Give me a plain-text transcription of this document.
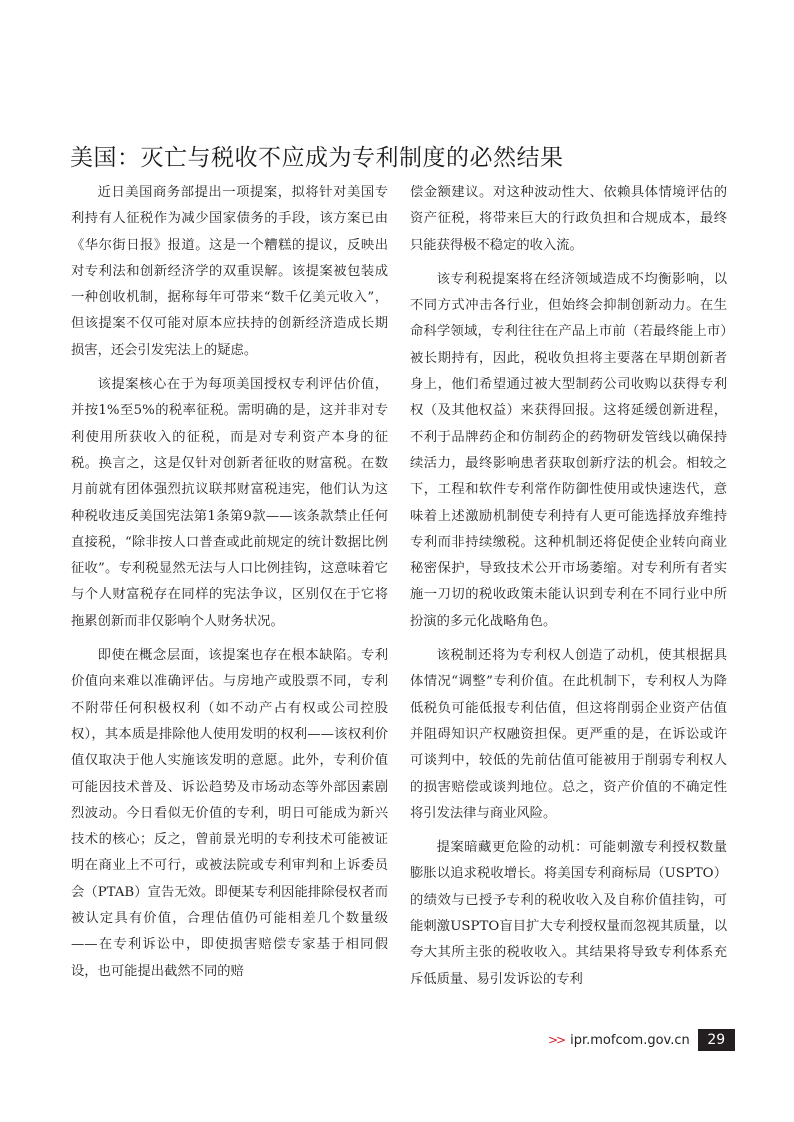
美国：灭亡与税收不应成为专利制度的必然结果

近日美国商务部提出一项提案，拟将针对美国专利持有人征税作为减少国家债务的手段，该方案已由《华尔街日报》报道。这是一个糟糕的提议，反映出对专利法和创新经济学的双重误解。该提案被包装成一种创收机制，据称每年可带来“数千亿美元收入”，但该提案不仅可能对原本应扶持的创新经济造成长期损害，还会引发宪法上的疑虑。

该提案核心在于为每项美国授权专利评估价值，并按1%至5%的税率征税。需明确的是，这并非对专利使用所获收入的征税，而是对专利资产本身的征税。换言之，这是仅针对创新者征收的财富税。在数月前就有团体强烈抗议联邦财富税违宪，他们认为这种税收违反美国宪法第1条第9款——该条款禁止任何直接税，“除非按人口普查或此前规定的统计数据比例征收”。专利税显然无法与人口比例挂钩，这意味着它与个人财富税存在同样的宪法争议，区别仅在于它将拖累创新而非仅影响个人财务状况。

即使在概念层面，该提案也存在根本缺陷。专利价值向来难以准确评估。与房地产或股票不同，专利不附带任何积极权利（如不动产占有权或公司控股权），其本质是排除他人使用发明的权利——该权利价值仅取决于他人实施该发明的意愿。此外，专利价值可能因技术普及、诉讼趋势及市场动态等外部因素剧烈波动。今日看似无价值的专利，明日可能成为新兴技术的核心；反之，曾前景光明的专利技术可能被证明在商业上不可行，或被法院或专利审判和上诉委员会（PTAB）宣告无效。即便某专利因能排除侵权者而被认定具有价值，合理估值仍可能相差几个数量级——在专利诉讼中，即使损害赔偿专家基于相同假设，也可能提出截然不同的赔

偿金额建议。对这种波动性大、依赖具体情境评估的资产征税，将带来巨大的行政负担和合规成本，最终只能获得极不稳定的收入流。

该专利税提案将在经济领域造成不均衡影响，以不同方式冲击各行业，但始终会抑制创新动力。在生命科学领域，专利往往在产品上市前（若最终能上市）被长期持有，因此，税收负担将主要落在早期创新者身上，他们希望通过被大型制药公司收购以获得专利权（及其他权益）来获得回报。这将延缓创新进程，不利于品牌药企和仿制药企的药物研发管线以确保持续活力，最终影响患者获取创新疗法的机会。相较之下，工程和软件专利常作防御性使用或快速迭代，意味着上述激励机制使专利持有人更可能选择放弃维持专利而非持续缴税。这种机制还将促使企业转向商业秘密保护，导致技术公开市场萎缩。对专利所有者实施一刀切的税收政策未能认识到专利在不同行业中所扮演的多元化战略角色。

该税制还将为专利权人创造了动机，使其根据具体情况“调整”专利价值。在此机制下，专利权人为降低税负可能低报专利估值，但这将削弱企业资产估值并阻碍知识产权融资担保。更严重的是，在诉讼或许可谈判中，较低的先前估值可能被用于削弱专利权人的损害赔偿或谈判地位。总之，资产价值的不确定性将引发法律与商业风险。

提案暗藏更危险的动机：可能刺激专利授权数量膨胀以追求税收增长。将美国专利商标局（USPTO）的绩效与已授予专利的税收收入及自称价值挂钩，可能刺激USPTO盲目扩大专利授权量而忽视其质量，以夸大其所主张的税收收入。其结果将导致专利体系充斥低质量、易引发诉讼的专利

>> ipr.mofcom.gov.cn	29
